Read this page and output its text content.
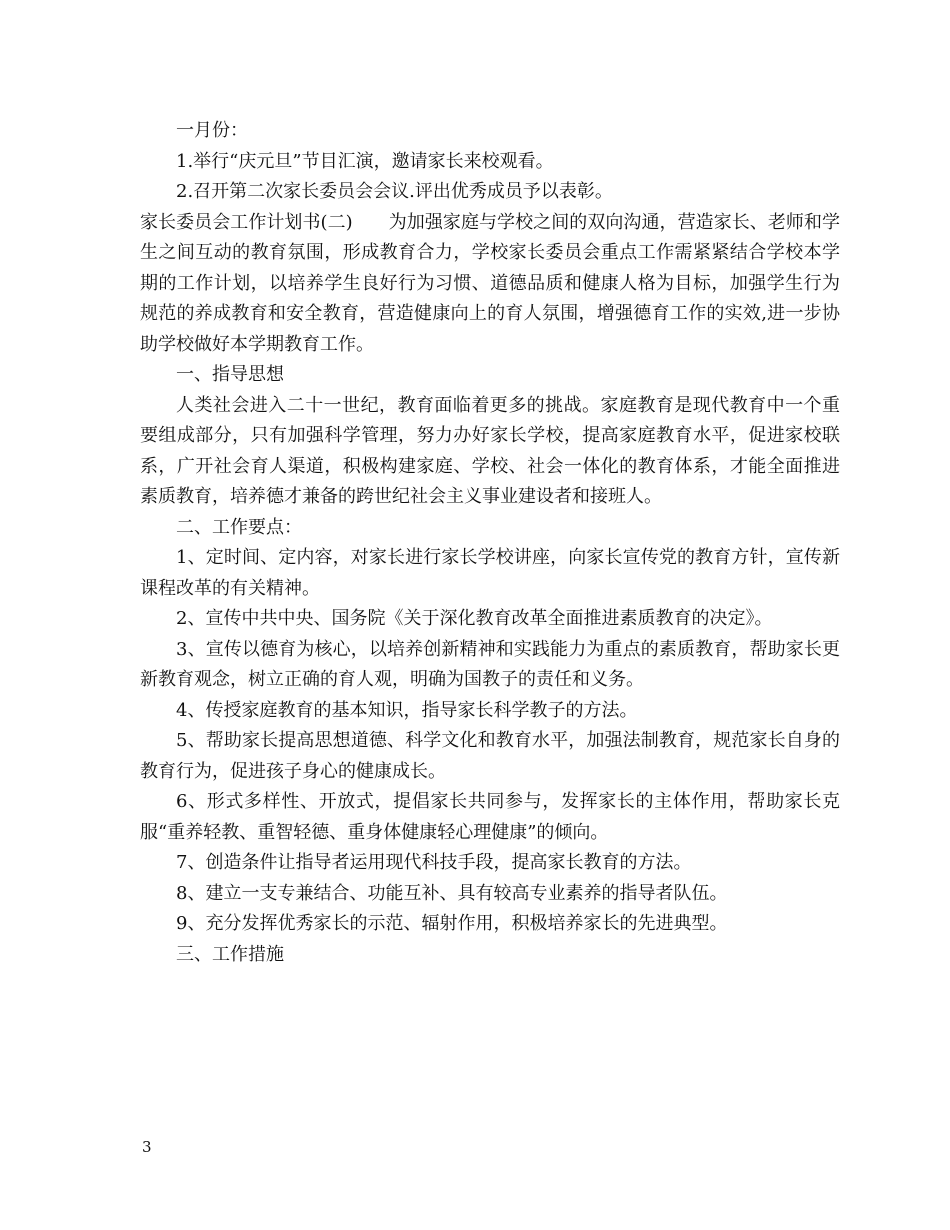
一月份：

1.举行“庆元旦”节目汇演，邀请家长来校观看。

2.召开第二次家长委员会会议.评出优秀成员予以表彰。

家长委员会工作计划书(二) 为加强家庭与学校之间的双向沟通，营造家长、老师和学生之间互动的教育氛围，形成教育合力，学校家长委员会重点工作需紧紧结合学校本学期的工作计划，以培养学生良好行为习惯、道德品质和健康人格为目标，加强学生行为规范的养成教育和安全教育，营造健康向上的育人氛围，增强德育工作的实效,进一步协助学校做好本学期教育工作。

一、指导思想

人类社会进入二十一世纪，教育面临着更多的挑战。家庭教育是现代教育中一个重要组成部分，只有加强科学管理，努力办好家长学校，提高家庭教育水平，促进家校联系，广开社会育人渠道，积极构建家庭、学校、社会一体化的教育体系，才能全面推进素质教育，培养德才兼备的跨世纪社会主义事业建设者和接班人。

二、工作要点：

1、定时间、定内容，对家长进行家长学校讲座，向家长宣传党的教育方针，宣传新课程改革的有关精神。

2、宣传中共中央、国务院《关于深化教育改革全面推进素质教育的决定》。

3、宣传以德育为核心，以培养创新精神和实践能力为重点的素质教育，帮助家长更新教育观念，树立正确的育人观，明确为国教子的责任和义务。

4、传授家庭教育的基本知识，指导家长科学教子的方法。

5、帮助家长提高思想道德、科学文化和教育水平，加强法制教育，规范家长自身的教育行为，促进孩子身心的健康成长。

6、形式多样性、开放式，提倡家长共同参与，发挥家长的主体作用，帮助家长克服“重养轻教、重智轻德、重身体健康轻心理健康”的倾向。

7、创造条件让指导者运用现代科技手段，提高家长教育的方法。

8、建立一支专兼结合、功能互补、具有较高专业素养的指导者队伍。

9、充分发挥优秀家长的示范、辐射作用，积极培养家长的先进典型。

三、工作措施

3
